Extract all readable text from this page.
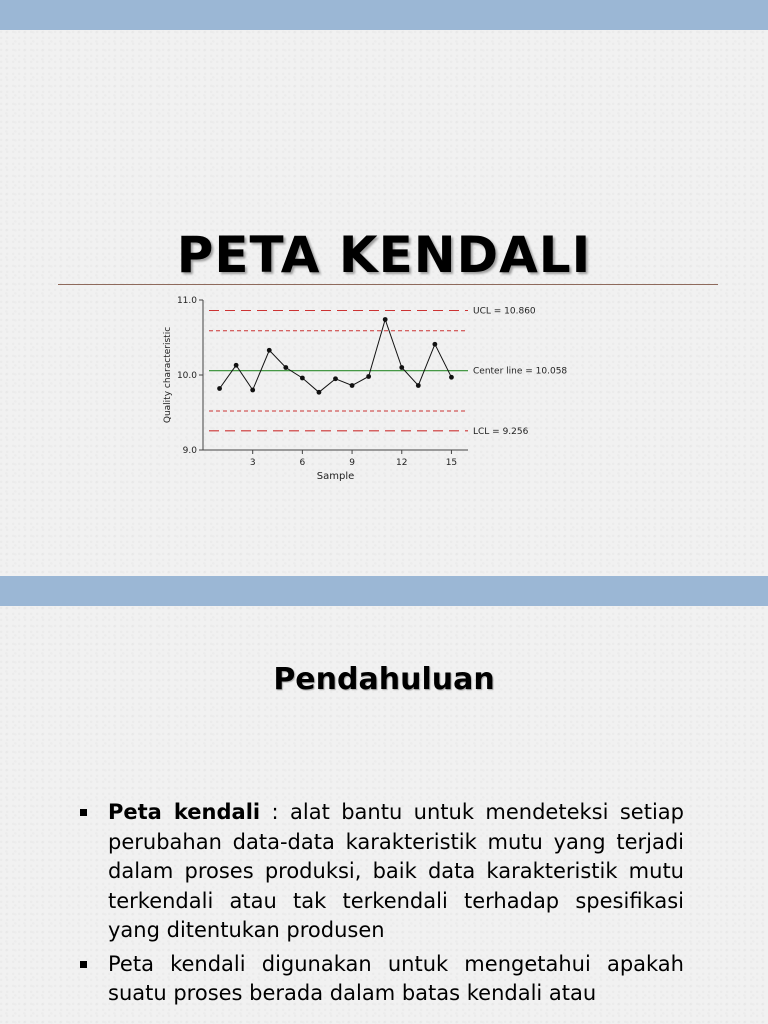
PETA KENDALI
9.0
10.0
11.0
3	6	9	12	15
Sample
Quality characteristic
UCL = 10.860
Center line = 10.058
LCL = 9.256
Pendahuluan
Peta kendali : alat bantu untuk mendeteksi setiap perubahan data-data karakteristik mutu yang terjadi dalam proses produksi, baik data karakteristik mutu terkendali atau tak terkendali terhadap spesifikasi yang ditentukan produsen
Peta kendali digunakan untuk mengetahui apakah suatu proses berada dalam batas kendali atau
